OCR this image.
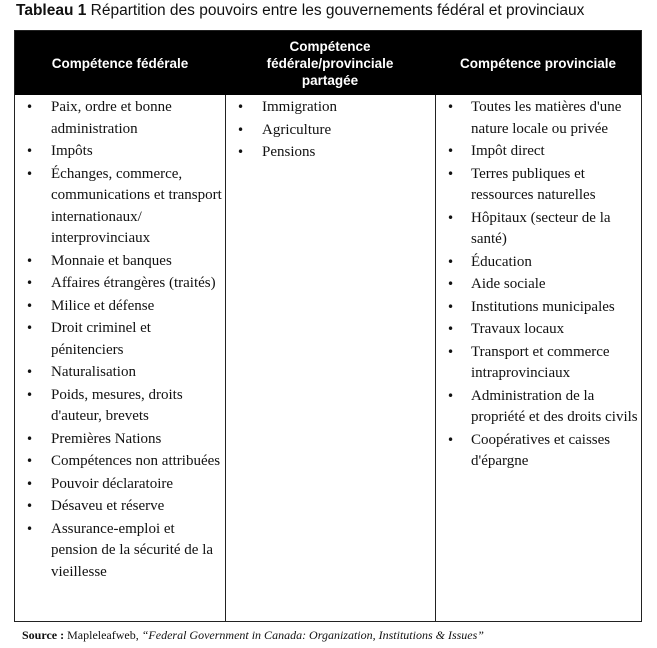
Tableau 1 Répartition des pouvoirs entre les gouvernements fédéral et provinciaux
Compétence fédérale
Compétence fédérale/provinciale partagée
Compétence provinciale
• Paix, ordre et bonne administration
• Impôts
• Échanges, commerce, communications et transport internationaux/ interprovinciaux
• Monnaie et banques
• Affaires étrangères (traités)
• Milice et défense
• Droit criminel et pénitenciers
• Naturalisation
• Poids, mesures, droits d'auteur, brevets
• Premières Nations
• Compétences non attribuées
• Pouvoir déclaratoire
• Désaveu et réserve
• Assurance-emploi et pension de la sécurité de la vieillesse
• Immigration
• Agriculture
• Pensions
• Toutes les matières d'une nature locale ou privée
• Impôt direct
• Terres publiques et ressources naturelles
• Hôpitaux (secteur de la santé)
• Éducation
• Aide sociale
• Institutions municipales
• Travaux locaux
• Transport et commerce intraprovinciaux
• Administration de la propriété et des droits civils
• Coopératives et caisses d'épargne
Source : Mapleleafweb, “Federal Government in Canada: Organization, Institutions & Issues”
